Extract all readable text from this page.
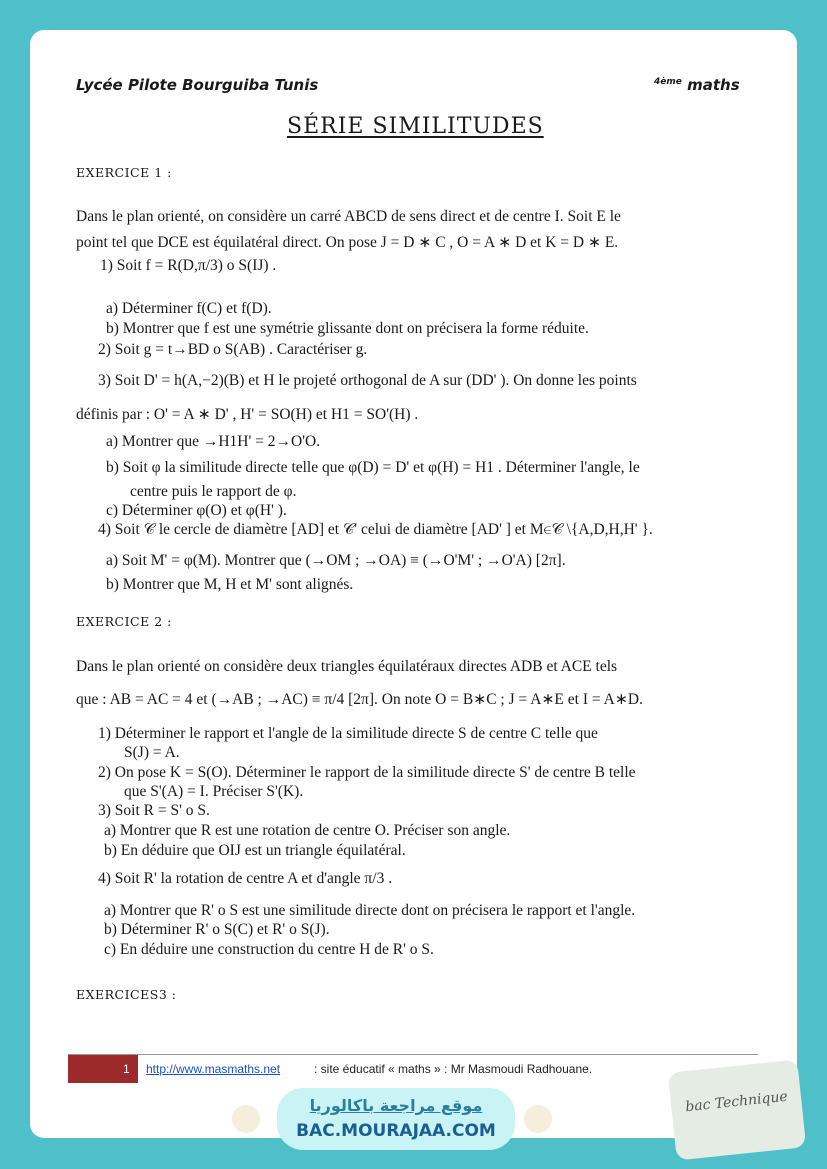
Lycée Pilote Bourguiba Tunis	$^{4ème}$ maths
SÉRIE SIMILITUDES
EXERCICE 1 :
Dans le plan orienté, on considère un carré ABCD de sens direct et de centre I. Soit E le
point tel que DCE est équilatéral direct. On pose J = D ∗ C , O = A ∗ D et K = D ∗ E.
1) Soit f = R(D,π/3) o S(IJ) .
a) Déterminer f(C) et f(D).
b) Montrer que f est une symétrie glissante dont on précisera la forme réduite.
2) Soit g = t→BD o S(AB) . Caractériser g.
3) Soit D' = h(A,−2)(B) et H le projeté orthogonal de A sur (DD' ). On donne les points
définis par : O' = A ∗ D' , H' = SO(H) et H1 = SO'(H) .
a) Montrer que →H1H' = 2→O'O.
b) Soit φ la similitude directe telle que φ(D) = D' et φ(H) = H1 . Déterminer l'angle, le
centre puis le rapport de φ.
c) Déterminer φ(O) et φ(H' ).
4) Soit 𝒞 le cercle de diamètre [AD] et 𝒞' celui de diamètre [AD' ] et M∈𝒞 \{A,D,H,H' }.
a) Soit M' = φ(M). Montrer que (→OM ; →OA) ≡ (→O'M' ; →O'A) [2π].
b) Montrer que M, H et M' sont alignés.
EXERCICE 2 :
Dans le plan orienté on considère deux triangles équilatéraux directes ADB et ACE tels
que : AB = AC = 4 et (→AB ; →AC) ≡ π/4 [2π]. On note O = B∗C ; J = A∗E et I = A∗D.
1) Déterminer le rapport et l'angle de la similitude directe S de centre C telle que
S(J) = A.
2) On pose K = S(O). Déterminer le rapport de la similitude directe S' de centre B telle
que S'(A) = I. Préciser S'(K).
3) Soit R = S' o S.
a) Montrer que R est une rotation de centre O. Préciser son angle.
b) En déduire que OIJ est un triangle équilatéral.
4) Soit R' la rotation de centre A et d'angle π/3 .
a) Montrer que R' o S est une similitude directe dont on précisera le rapport et l'angle.
b) Déterminer R' o S(C) et R' o S(J).
c) En déduire une construction du centre H de R' o S.
EXERCICES3 :
1 http://www.masmaths.net	: site éducatif « maths » : Mr Masmoudi Radhouane.
موقع مراجعة باكالوريا
BAC.MOURAJAA.COM
bac Technique
